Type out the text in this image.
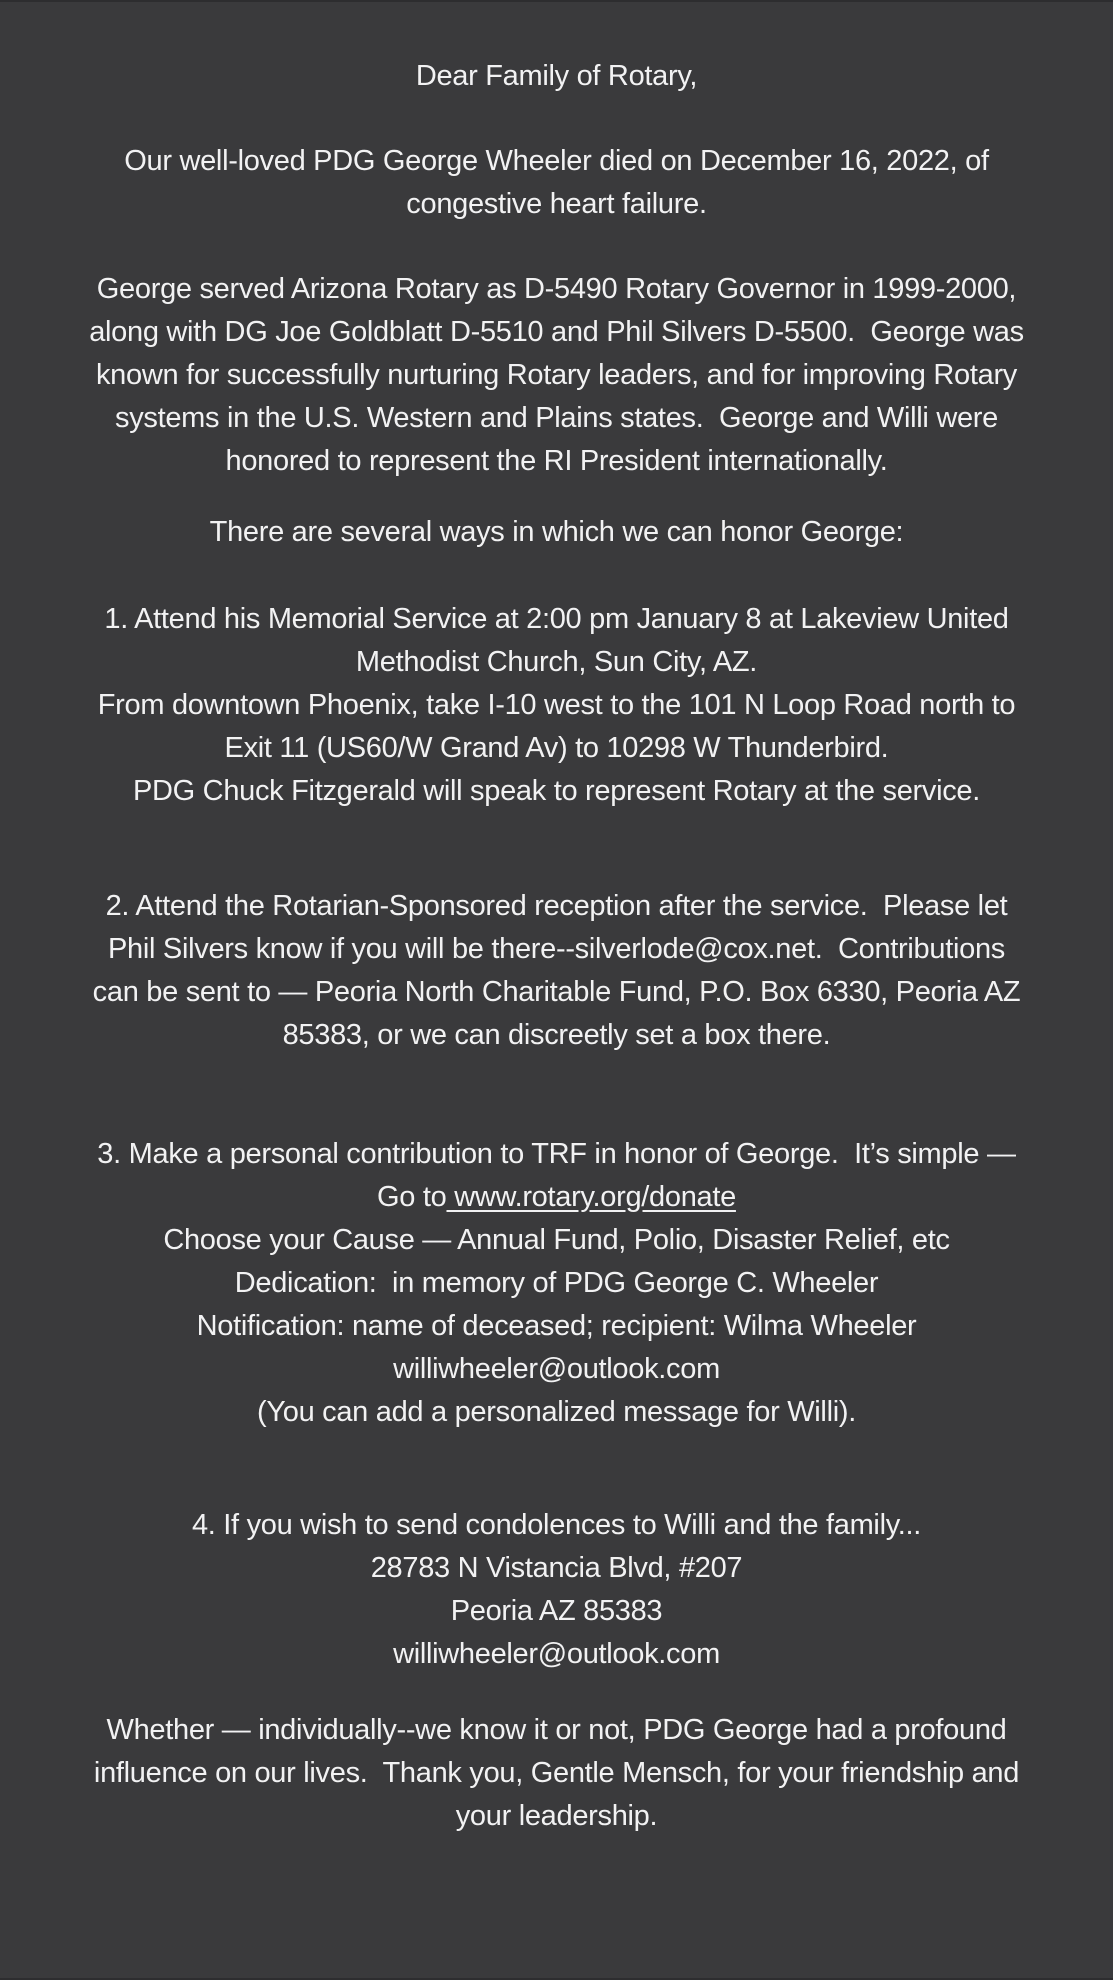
Dear Family of Rotary,
Our well-loved PDG George Wheeler died on December 16, 2022, of
congestive heart failure.
George served Arizona Rotary as D-5490 Rotary Governor in 1999-2000,
along with DG Joe Goldblatt D-5510 and Phil Silvers D-5500.  George was
known for successfully nurturing Rotary leaders, and for improving Rotary
systems in the U.S. Western and Plains states.  George and Willi were
honored to represent the RI President internationally.
There are several ways in which we can honor George:
1. Attend his Memorial Service at 2:00 pm January 8 at Lakeview United
Methodist Church, Sun City, AZ.
From downtown Phoenix, take I-10 west to the 101 N Loop Road north to
Exit 11 (US60/W Grand Av) to 10298 W Thunderbird.
PDG Chuck Fitzgerald will speak to represent Rotary at the service.
2. Attend the Rotarian-Sponsored reception after the service.  Please let
Phil Silvers know if you will be there--silverlode@cox.net.  Contributions
can be sent to — Peoria North Charitable Fund, P.O. Box 6330, Peoria AZ
85383, or we can discreetly set a box there.
3. Make a personal contribution to TRF in honor of George.  It’s simple —
Go to www.rotary.org/donate
Choose your Cause — Annual Fund, Polio, Disaster Relief, etc
Dedication:  in memory of PDG George C. Wheeler
Notification: name of deceased; recipient: Wilma Wheeler
williwheeler@outlook.com
(You can add a personalized message for Willi).
4. If you wish to send condolences to Willi and the family...
28783 N Vistancia Blvd, #207
Peoria AZ 85383
williwheeler@outlook.com
Whether — individually--we know it or not, PDG George had a profound
influence on our lives.  Thank you, Gentle Mensch, for your friendship and
your leadership.
